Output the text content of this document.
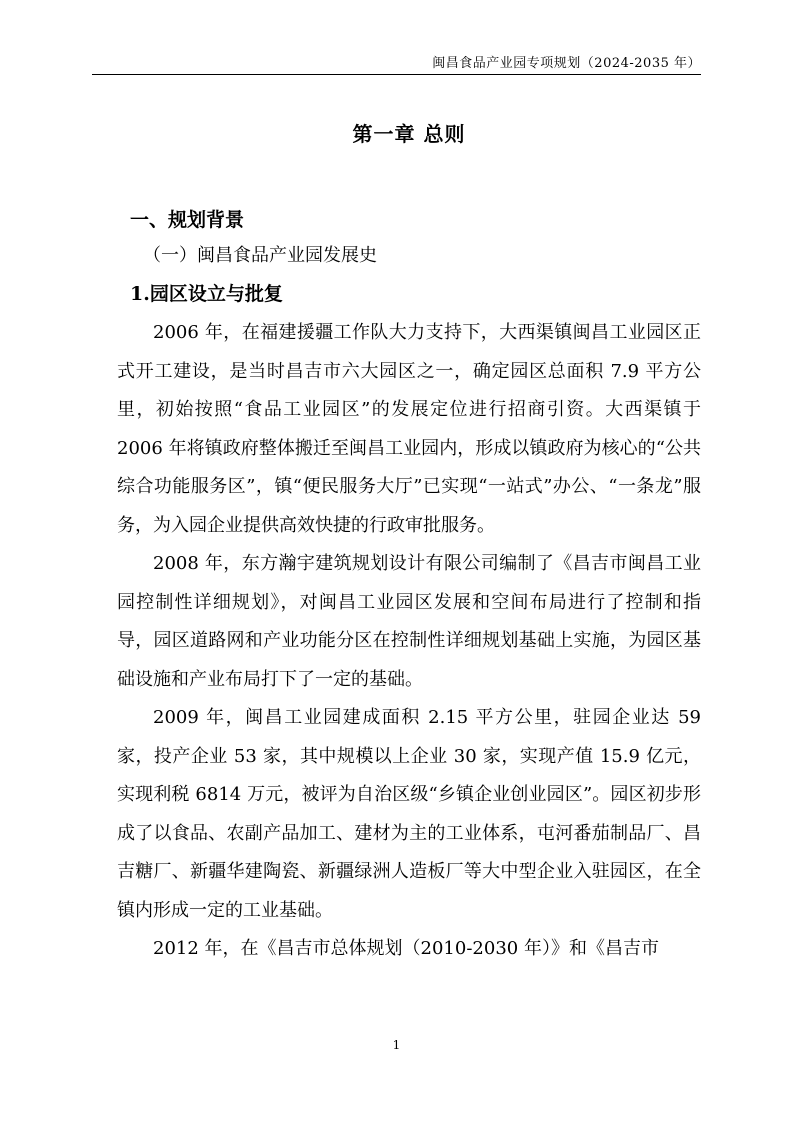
闽昌食品产业园专项规划（2024-2035 年）
第一章 总则
一、规划背景
（一）闽昌食品产业园发展史
1.园区设立与批复

2006 年，在福建援疆工作队大力支持下，大西渠镇闽昌工业园区正式开工建设，是当时昌吉市六大园区之一，确定园区总面积 7.9 平方公里，初始按照“食品工业园区”的发展定位进行招商引资。大西渠镇于 2006 年将镇政府整体搬迁至闽昌工业园内，形成以镇政府为核心的“公共综合功能服务区”，镇“便民服务大厅”已实现“一站式”办公、“一条龙”服务，为入园企业提供高效快捷的行政审批服务。

2008 年，东方瀚宇建筑规划设计有限公司编制了《昌吉市闽昌工业园控制性详细规划》，对闽昌工业园区发展和空间布局进行了控制和指导，园区道路网和产业功能分区在控制性详细规划基础上实施，为园区基础设施和产业布局打下了一定的基础。

2009 年，闽昌工业园建成面积 2.15 平方公里，驻园企业达 59 家，投产企业 53 家，其中规模以上企业 30 家，实现产值 15.9 亿元，实现利税 6814 万元，被评为自治区级“乡镇企业创业园区”。园区初步形成了以食品、农副产品加工、建材为主的工业体系，屯河番茄制品厂、昌吉糖厂、新疆华建陶瓷、新疆绿洲人造板厂等大中型企业入驻园区，在全镇内形成一定的工业基础。

2012 年，在《昌吉市总体规划（2010-2030 年）》和《昌吉市

1
